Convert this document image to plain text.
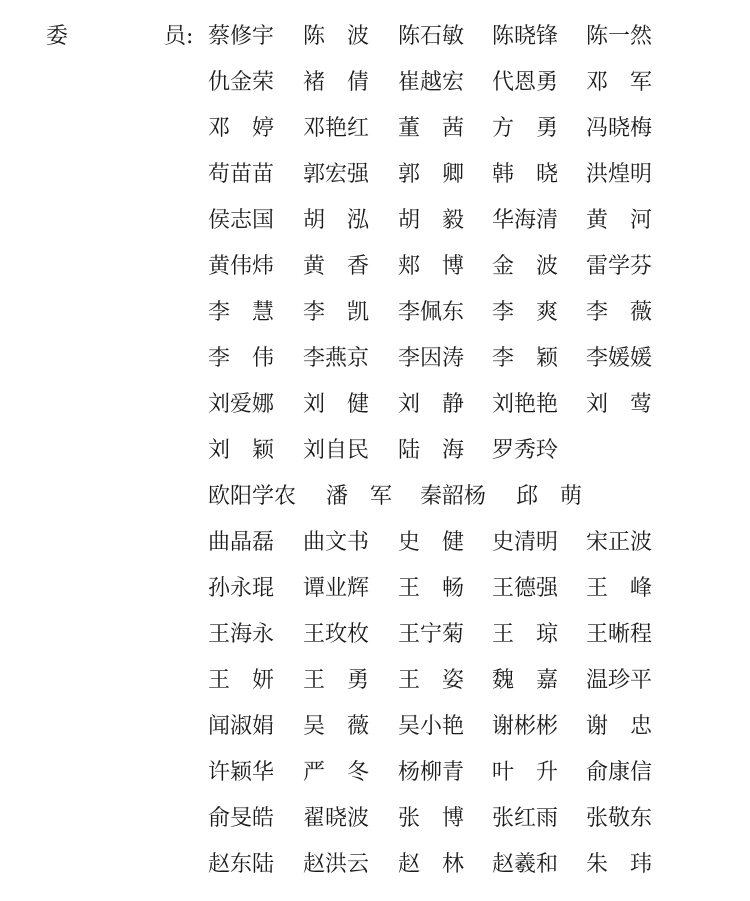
委	员: 蔡修宇 陈　波 陈石敏 陈晓锋 陈一然
仇金荣 褚　倩 崔越宏 代恩勇 邓　军
邓　婷 邓艳红 董　茜 方　勇 冯晓梅
苟苗苗 郭宏强 郭　卿 韩　晓 洪煌明
侯志国 胡　泓 胡　毅 华海清 黄　河
黄伟炜 黄　香 郏　博 金　波 雷学芬
李　慧 李　凯 李佩东 李　爽 李　薇
李　伟 李燕京 李因涛 李　颖 李媛媛
刘爱娜 刘　健 刘　静 刘艳艳 刘　莺
刘　颖 刘自民 陆　海 罗秀玲
欧阳学农 潘　军 秦韶杨 邱　萌
曲晶磊 曲文书 史　健 史清明 宋正波
孙永琨 谭业辉 王　畅 王德强 王　峰
王海永 王玫枚 王宁菊 王　琼 王晰程
王　妍 王　勇 王　姿 魏　嘉 温珍平
闻淑娟 吴　薇 吴小艳 谢彬彬 谢　忠
许颖华 严　冬 杨柳青 叶　升 俞康信
俞旻皓 翟晓波 张　博 张红雨 张敬东
赵东陆 赵洪云 赵　林 赵羲和 朱　玮
